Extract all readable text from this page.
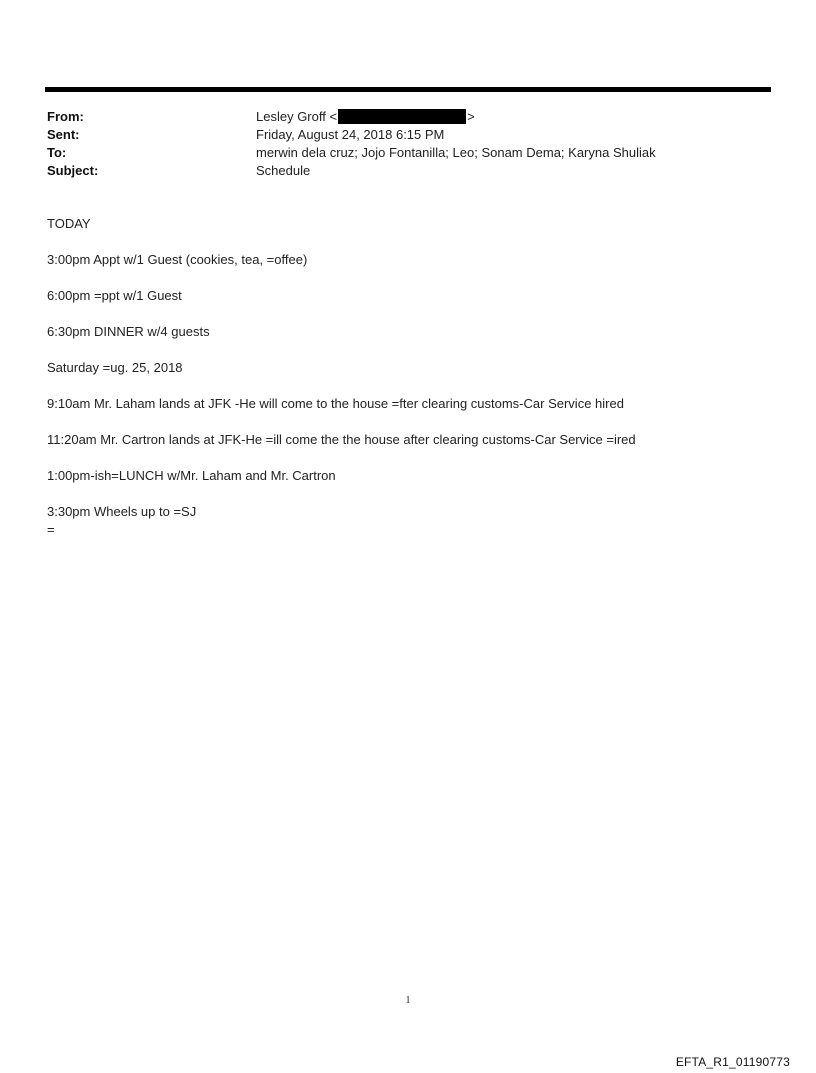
From:	Lesley Groff <	>
Sent:	Friday, August 24, 2018 6:15 PM
To:	merwin dela cruz; Jojo Fontanilla; Leo; Sonam Dema; Karyna Shuliak
Subject:	Schedule
TODAY
3:00pm Appt w/1 Guest (cookies, tea, =offee)
6:00pm =ppt w/1 Guest
6:30pm DINNER w/4 guests
Saturday =ug. 25, 2018
9:10am Mr. Laham lands at JFK -He will come to the house =fter clearing customs-Car Service hired
11:20am Mr. Cartron lands at JFK-He =ill come the the house after clearing customs-Car Service =ired
1:00pm-ish=LUNCH w/Mr. Laham and Mr. Cartron
3:30pm Wheels up to =SJ
=
1
EFTA_R1_01190773
